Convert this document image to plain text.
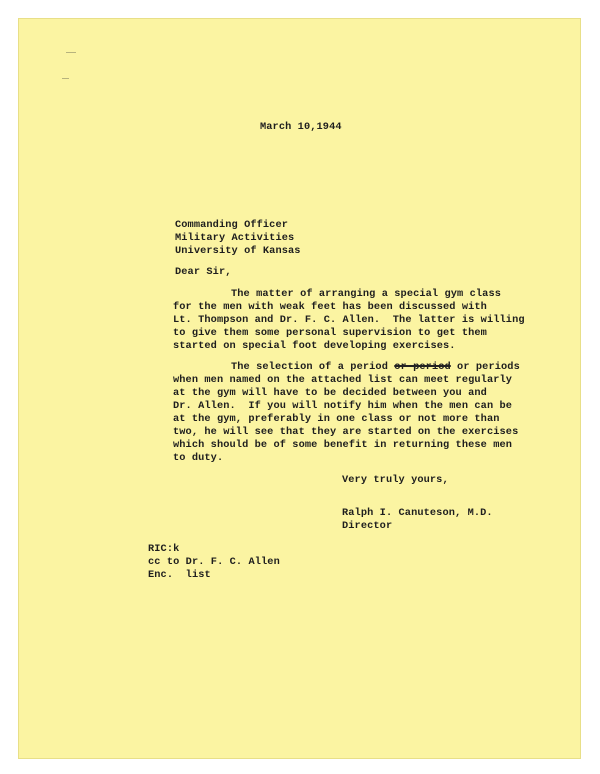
March 10,1944

Commanding Officer

Military Activities

University of Kansas

Dear Sir,

The matter of arranging a special gym class

for the men with weak feet has been discussed with

Lt. Thompson and Dr. F. C. Allen.  The latter is willing

to give them some personal supervision to get them

started on special foot developing exercises.

The selection of a period or period or periods

when men named on the attached list can meet regularly

at the gym will have to be decided between you and

Dr. Allen.  If you will notify him when the men can be

at the gym, preferably in one class or not more than

two, he will see that they are started on the exercises

which should be of some benefit in returning these men

to duty.

Very truly yours,

Ralph I. Canuteson, M.D.

Director

RIC:k

cc to Dr. F. C. Allen

Enc.  list
